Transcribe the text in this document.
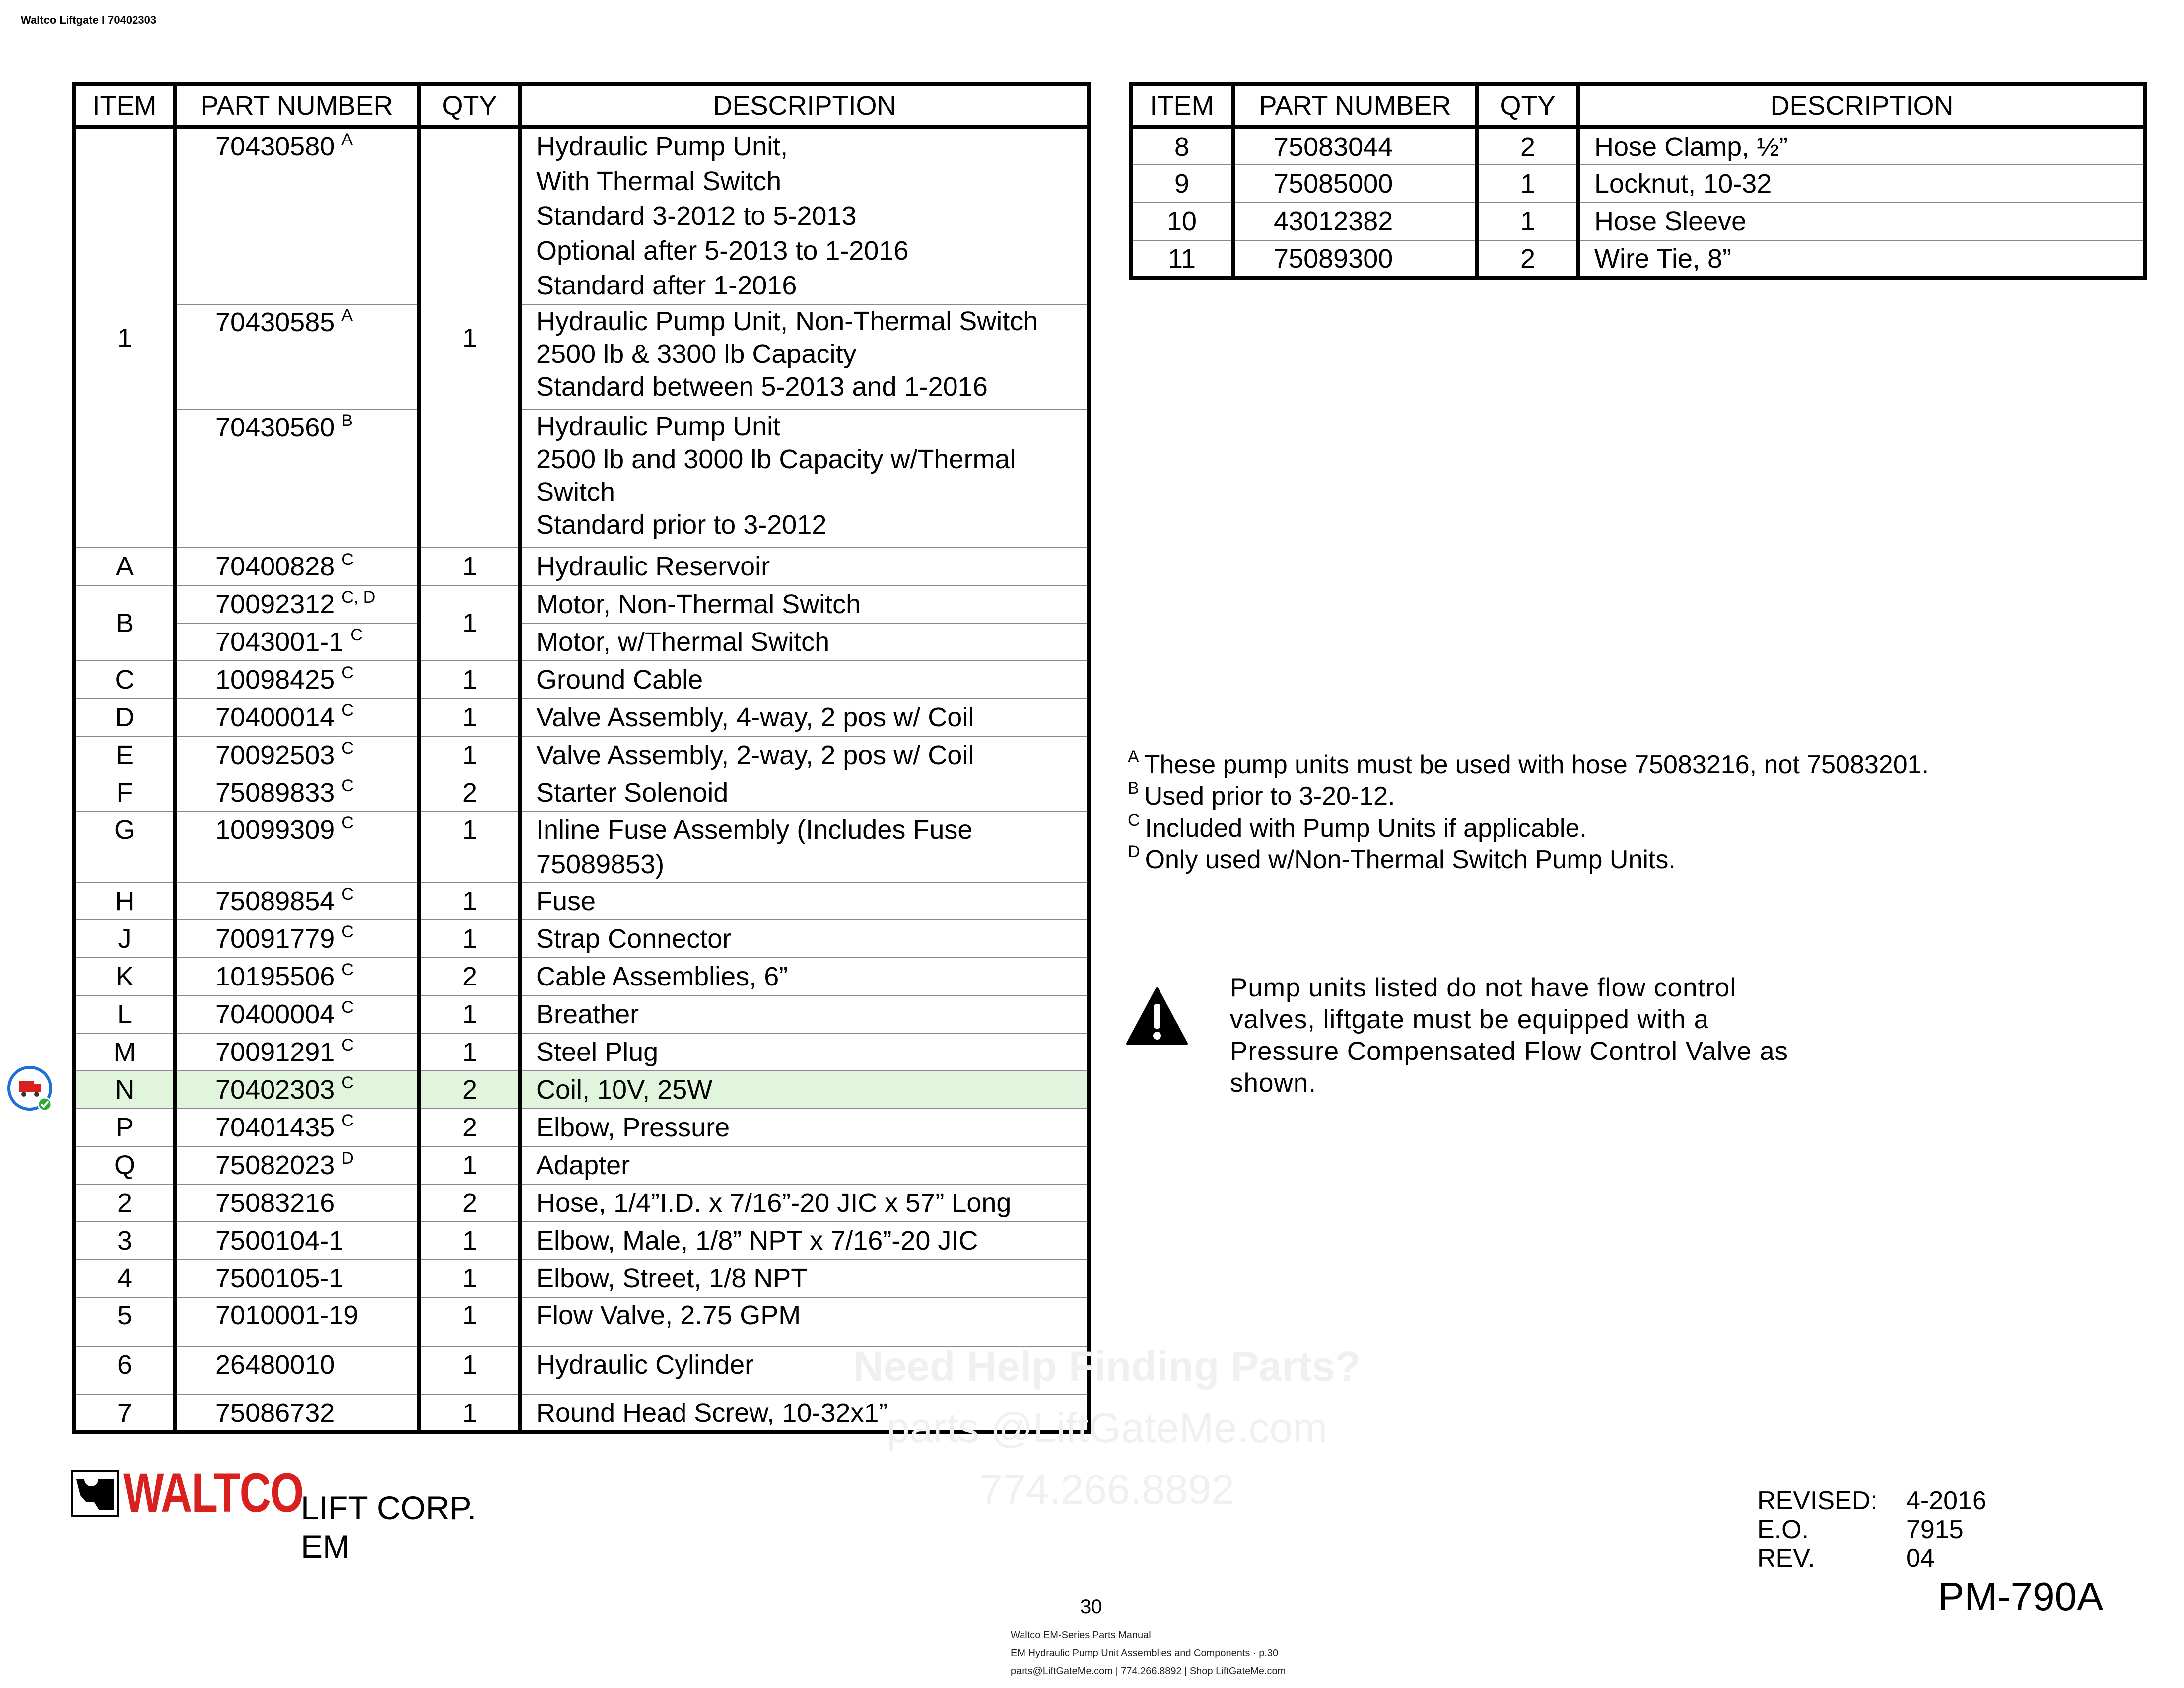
Waltco Liftgate I 70402303
ITEM	PART NUMBER	QTY	DESCRIPTION
1	70430580 $^A$	1	Hydraulic Pump Unit,
With Thermal Switch
Standard 3-2012 to 5-2013
Optional after 5-2013 to 1-2016
Standard after 1-2016

	70430585 $^A$		Hydraulic Pump Unit, Non-Thermal Switch
2500 lb & 3300 lb Capacity
Standard between 5-2013 and 1-2016

	70430560 $^B$		Hydraulic Pump Unit
2500 lb and 3000 lb Capacity w/Thermal
Switch
Standard prior to 3-2012

A	70400828 $^C$	1	Hydraulic Reservoir
B	70092312 $^{C, D}$	1	Motor, Non-Thermal Switch
	7043001-1 $^C$		Motor, w/Thermal Switch
C	10098425 $^C$	1	Ground Cable

D	70400014 $^C$	1	Valve Assembly, 4-way, 2 pos w/ Coil

E	70092503 $^C$	1	Valve Assembly, 2-way, 2 pos w/ Coil

F	75089833 $^C$	2	Starter Solenoid

G	10099309 $^C$	1	Inline Fuse Assembly (Includes Fuse
75089853)

H	75089854 $^C$	1	Fuse

J	70091779 $^C$	1	Strap Connector

K	10195506 $^C$	2	Cable Assemblies, 6”

L	70400004 $^C$	1	Breather

M	70091291 $^C$	1	Steel Plug

N	70402303 $^C$	2	Coil, 10V, 25W

P	70401435 $^C$	2	Elbow, Pressure

Q	75082023 $^D$	1	Adapter

2	75083216	2	Hose, 1/4”I.D. x 7/16”-20 JIC x 57” Long

3	7500104-1	1	Elbow, Male, 1/8” NPT x 7/16”-20 JIC

4	7500105-1	1	Elbow, Street, 1/8 NPT

5	7010001-19	1	Flow Valve, 2.75 GPM

6	26480010	1	Hydraulic Cylinder

7	75086732	1	Round Head Screw, 10-32x1”
ITEM	PART NUMBER	QTY	DESCRIPTION
8	75083044	2	Hose Clamp, ½”
9	75085000	1	Locknut, 10-32
10	43012382	1	Hose Sleeve
11	75089300	2	Wire Tie, 8”
$^A$ These pump units must be used with hose 75083216, not 75083201.
$^B$ Used prior to 3-20-12.
$^C$ Included with Pump Units if applicable.
$^D$ Only used w/Non-Thermal Switch Pump Units.
Pump units listed do not have flow control
valves, liftgate must be equipped with a
Pressure Compensated Flow Control Valve as
shown.
Need Help Finding Parts?
parts @LiftGateMe.com
774.266.8892
WALTCO
LIFT CORP.
EM
REVISED:	4-2016
E.O.	7915
REV.	04
PM-790A
30
Waltco EM-Series Parts Manual
EM Hydraulic Pump Unit Assemblies and Components · p.30
parts@LiftGateMe.com | 774.266.8892 | Shop LiftGateMe.com
